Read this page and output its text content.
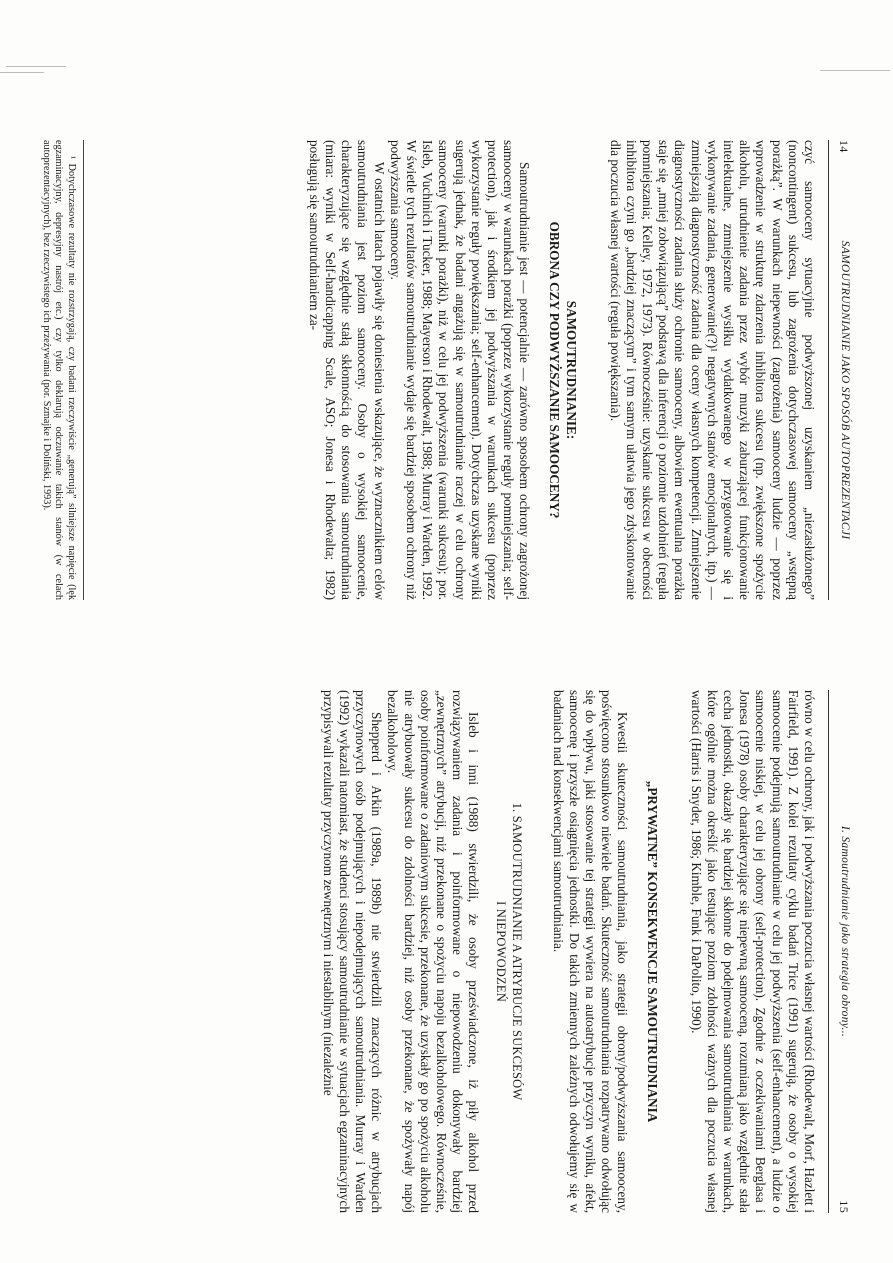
14
SAMOUTRUDNIANIE JAKO SPOSÓB AUTOPREZENTACJI

czyć samooceny sytuacyjnie podwyższonej uzyskaniem „niezasłużonego” (noncontingent) sukcesu, lub zagrożenia dotychczasowej samooceny „wstępną porażką”. W warunkach niepewności (zagrożenia) samooceny ludzie — poprzez wprowadzenie w strukturę zdarzenia inhibitora sukcesu (np. zwiększone spożycie alkoholu, utrudnienie zadania przez wybór muzyki zaburzającej funkcjonowanie intelektualne, zmniejszenie wysiłku wydatkowanego w przygotowanie się i wykonywanie zadania, generowanie(?)¹ negatywnych stanów emocjonalnych, itp.) — zmniejszają diagnostyczność zadania dla oceny własnych kompetencji. Zmniejszenie diagnostyczności zadania służy ochronie samooceny, albowiem ewentualna porażka staje się „mniej zobowiązującą” podstawą dla inferencji o poziomie uzdolnień (reguła pomniejszania; Kelley, 1972, 1973). Równocześnie: uzyskanie sukcesu w obecności inhibitora czyni go „bardziej znaczącym” i tym samym ułatwia jego zdyskontowanie dla poczucia własnej wartości (reguła powiększania).

SAMOUTRUDNIANIE:
OBRONA CZY PODWYŻSZANIE SAMOOCENY?

Samoutrudnianie jest — potencjalnie — zarówno sposobem ochrony zagrożonej samooceny w warunkach porażki (poprzez wykorzystanie reguły pomniejszania; self-protection), jak i środkiem jej podwyższania w warunkach sukcesu (poprzez wykorzystanie reguły powiększania; self-enhancement). Dotychczas uzyskane wyniki sugerują jednak, że badani angażują się w samoutrudnianie raczej w celu ochrony samooceny (warunki porażki), niż w celu jej podwyższenia (warunki sukcesu); por. Isleb, Vuchinich i Tucker, 1988; Mayerson i Rhodewalt, 1988; Murray i Warden, 1992. W świetle tych rezultatów samoutrudnianie wydaje się bardziej sposobem ochrony niż podwyższania samooceny.

W ostatnich latach pojawiły się doniesienia wskazujące, że wyznacznikiem celów samoutrudniania jest poziom samooceny. Osoby o wysokiej samoocenie, charakteryzujące się względnie stałą skłonnością do stosowania samoutrudniania (miara: wyniki w Self-handicapping Scale, ASO; Jonesa i Rhodewalta; 1982) posługują się samoutrudnianiem za-

¹ Dotychczasowe rezultaty nie rozstrzygają, czy badani rzeczywiście „generują” silniejsze napięcie (lęk egzaminacyjny, depresyjny nastrój etc.) czy tylko deklarują odczuwanie takich stanów (w celach autoprezentacyjnych), bez rzeczywistego ich przeżywania (por. Szmajke i Doliński, 1993).

I. Samoutrudnianie jako strategia obrony...
15

równo w celu ochrony, jak i podwyższania poczucia własnej wartości (Rhodewalt, Morf, Hazlett i Fairfield, 1991). Z kolei rezultaty cyklu badań Trice (1991) sugerują, że osoby o wysokiej samoocenie podejmują samoutrudnianie w celu jej podwyższenia (self-enhancement), a ludzie o samoocenie niskiej, w celu jej obrony (self-protection). Zgodnie z oczekiwaniami Berglasa i Jonesa (1978) osoby charakteryzujące się niepewną samooceną, rozumianą jako względnie stała cecha jednostki, okazały się bardziej skłonne do podejmowania samoutrudniania w warunkach, które ogólnie można określić jako testujące poziom zdolności ważnych dla poczucia własnej wartości (Harris i Snyder, 1986; Kimble, Funk i DaPolito, 1990).

„PRYWATNE” KONSEKWENCJE SAMOUTRUDNIANIA

Kwestii skuteczności samoutrudniania, jako strategii obrony/podwyższania samooceny, poświęcono stosunkowo niewiele badań. Skuteczność samoutrudniania rozpatrywano odwołując się do wpływu, jaki stosowanie tej strategii wywiera na autoatrybucje przyczyn wyniku, afekt, samoocenę i przyszłe osiągnięcia jednostki. Do takich zmiennych zależnych odwołujemy się w badaniach nad konsekwencjami samoutrudniania.

1. SAMOUTRUDNIANIE A ATRYBUCJE SUKCESÓW
I NIEPOWODZEŃ

Isleb i inni (1988) stwierdzili, że osoby przeświadczone, iż piły alkohol przed rozwiązywaniem zadania i poinformowane o niepowodzeniu dokonywały bardziej „zewnętrznych” atrybucji, niż przekonane o spożyciu napoju bezalkoholowego. Równocześnie, osoby poinformowane o zadaniowym sukcesie, przekonane, że uzyskały go po spożyciu alkoholu nie atrybuowały sukcesu do zdolności bardziej, niż osoby przekonane, że spożywały napój bezalkoholowy.

Shepperd i Arkin (1989a, 1989b) nie stwierdzili znaczących różnic w atrybucjach przyczynowych osób podejmujących i niepodejmujących samoutrudniania. Murray i Warden (1992) wykazali natomiast, że studenci stosujący samoutrudnianie w sytuacjach egzaminacyjnych przypisywali rezultaty przyczynom zewnętrznym i niestabilnym (niezależnie
